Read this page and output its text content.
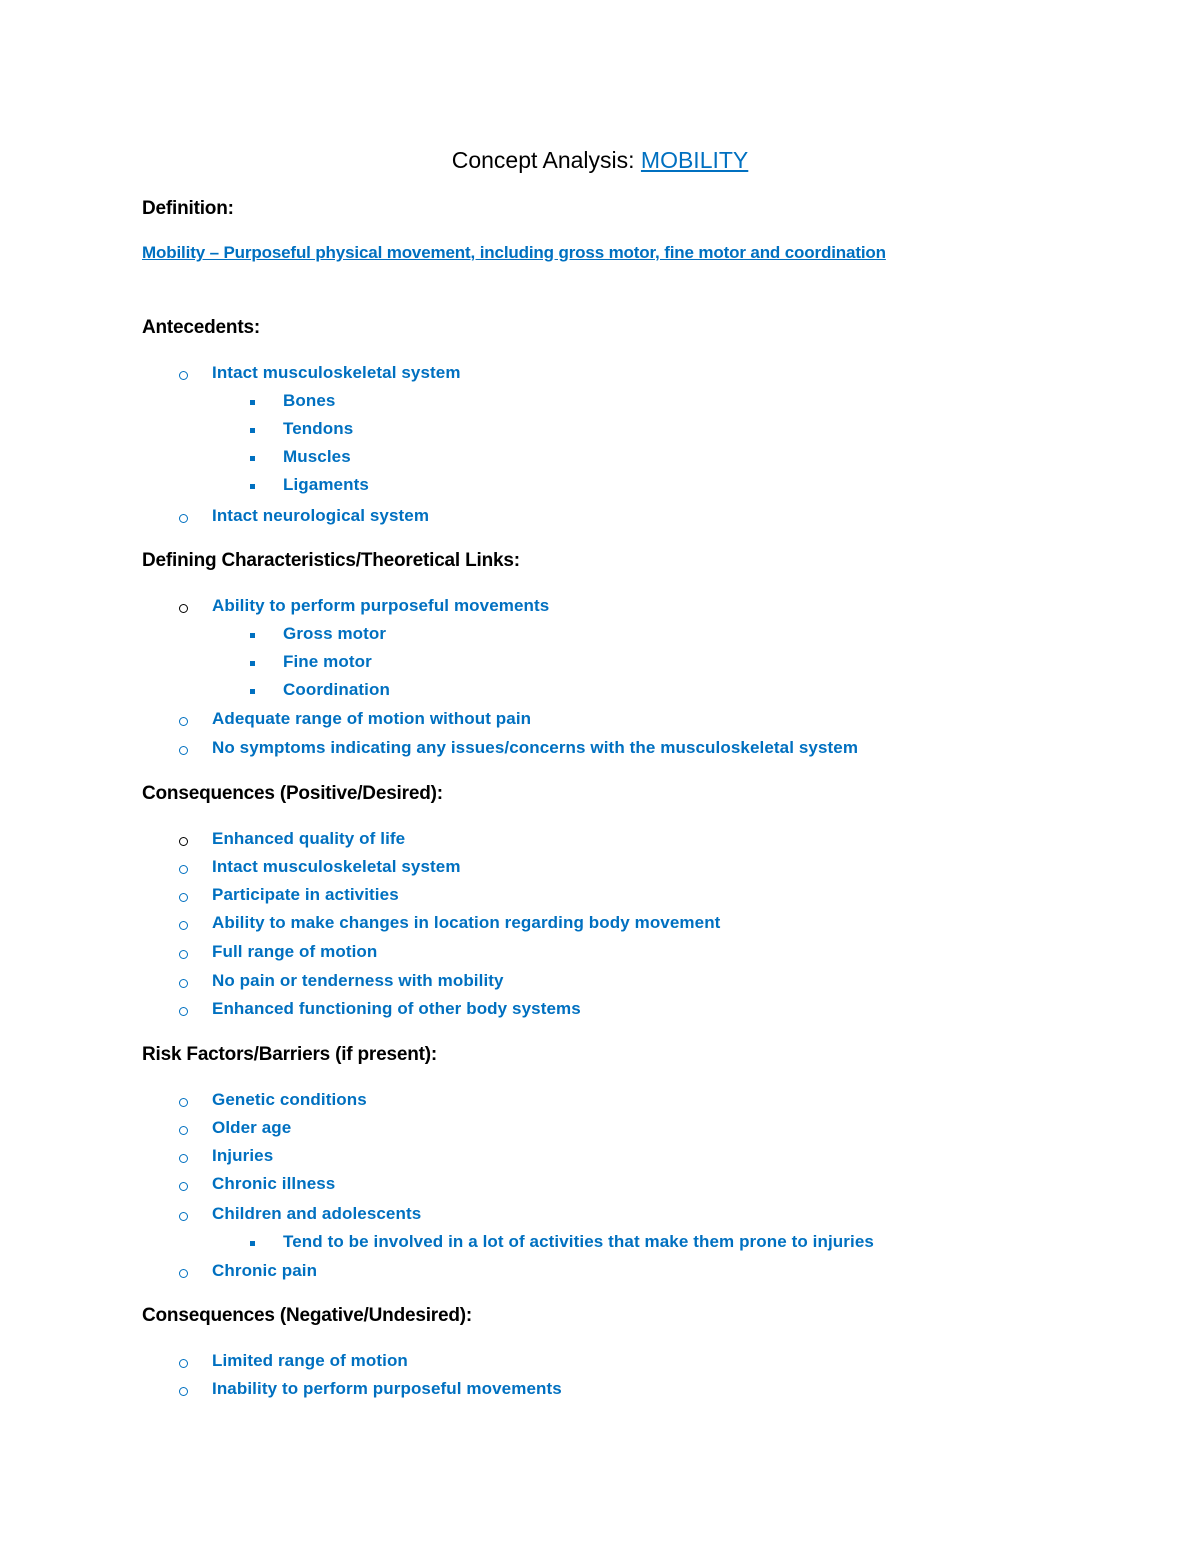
Concept Analysis: MOBILITY
Definition:
Mobility – Purposeful physical movement, including gross motor, fine motor and coordination
Antecedents:
Intact musculoskeletal system
Bones
Tendons
Muscles
Ligaments
Intact neurological system
Defining Characteristics/Theoretical Links:
Ability to perform purposeful movements
Gross motor
Fine motor
Coordination
Adequate range of motion without pain
No symptoms indicating any issues/concerns with the musculoskeletal system
Consequences (Positive/Desired):
Enhanced quality of life
Intact musculoskeletal system
Participate in activities
Ability to make changes in location regarding body movement
Full range of motion
No pain or tenderness with mobility
Enhanced functioning of other body systems
Risk Factors/Barriers (if present):
Genetic conditions
Older age
Injuries
Chronic illness
Children and adolescents
Tend to be involved in a lot of activities that make them prone to injuries
Chronic pain
Consequences (Negative/Undesired):
Limited range of motion
Inability to perform purposeful movements
